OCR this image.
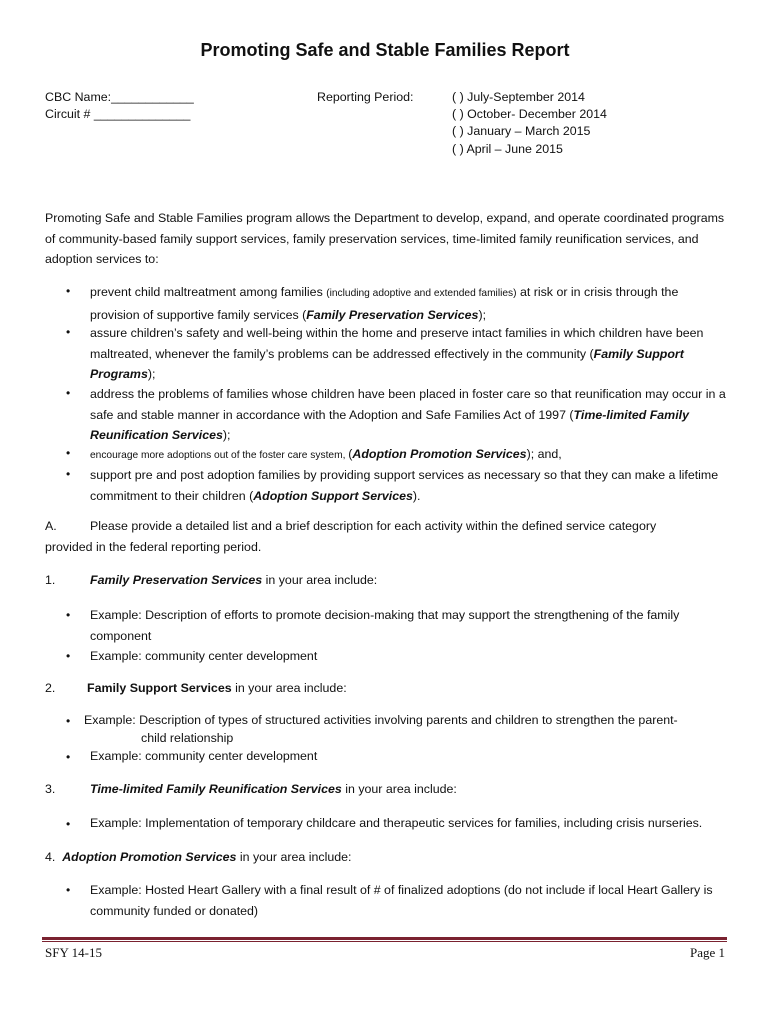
Promoting Safe and Stable Families Report
CBC Name:____________
Circuit # ______________
Reporting Period:	( ) July-September 2014
( ) October- December 2014
( ) January – March 2015
( ) April – June 2015
Promoting Safe and Stable Families program allows the Department to develop, expand, and operate coordinated programs of community-based family support services, family preservation services, time-limited family reunification services, and adoption services to:
• prevent child maltreatment among families (including adoptive and extended families) at risk or in crisis through the provision of supportive family services (Family Preservation Services);
• assure children’s safety and well-being within the home and preserve intact families in which children have been maltreated, whenever the family’s problems can be addressed effectively in the community (Family Support Programs);
• address the problems of families whose children have been placed in foster care so that reunification may occur in a safe and stable manner in accordance with the Adoption and Safe Families Act of 1997 (Time-limited Family Reunification Services);
• encourage more adoptions out of the foster care system, (Adoption Promotion Services); and,
• support pre and post adoption families by providing support services as necessary so that they can make a lifetime commitment to their children (Adoption Support Services).
A.	Please provide a detailed list and a brief description for each activity within the defined service category
provided in the federal reporting period.
1.	Family Preservation Services in your area include:
• Example: Description of efforts to promote decision-making that may support the strengthening of the family component
• Example: community center development
2.	Family Support Services in your area include:
• Example: Description of types of structured activities involving parents and children to strengthen the parent-
child relationship
• Example: community center development
3.	Time-limited Family Reunification Services in your area include:
• Example: Implementation of temporary childcare and therapeutic services for families, including crisis nurseries.
4. Adoption Promotion Services in your area include:
• Example: Hosted Heart Gallery with a final result of # of finalized adoptions (do not include if local Heart Gallery is community funded or donated)
SFY 14-15	Page 1
